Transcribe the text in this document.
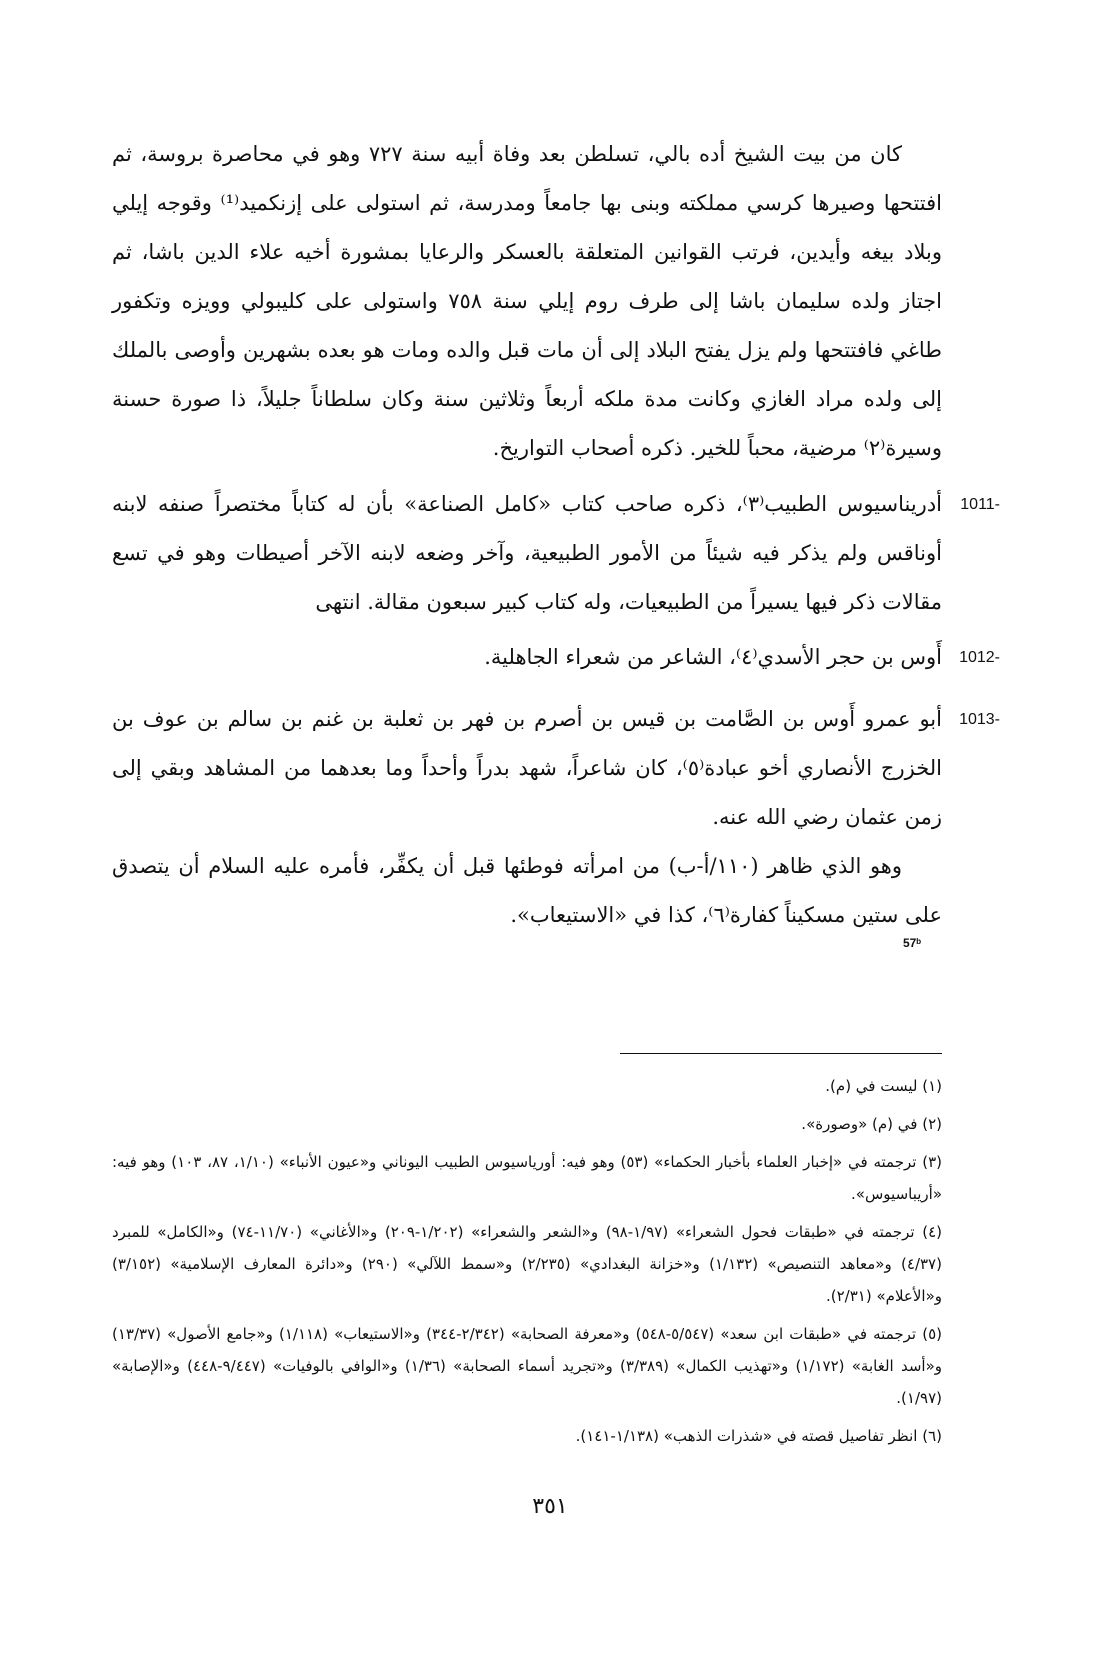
كان من بيت الشيخ أده بالي، تسلطن بعد وفاة أبيه سنة ٧٢٧ وهو في محاصرة بروسة، ثم افتتحها وصيرها كرسي مملكته وبنى بها جامعاً ومدرسة، ثم استولى على إزنكميد⁽¹⁾ وقوجه إيلي وبلاد بيغه وأيدين، فرتب القوانين المتعلقة بالعسكر والرعايا بمشورة أخيه علاء الدين باشا، ثم اجتاز ولده سليمان باشا إلى طرف روم إيلي سنة ٧٥٨ واستولى على كليبولي وويزه وتكفور طاغي فافتتحها ولم يزل يفتح البلاد إلى أن مات قبل والده ومات هو بعده بشهرين وأوصى بالملك إلى ولده مراد الغازي وكانت مدة ملكه أربعاً وثلاثين سنة وكان سلطاناً جليلاً، ذا صورة حسنة وسيرة⁽٢⁾ مرضية، محباً للخير. ذكره أصحاب التواريخ.
1011-
أدريناسيوس الطبيب⁽٣⁾، ذكره صاحب كتاب «كامل الصناعة» بأن له كتاباً مختصراً صنفه لابنه أوناقس ولم يذكر فيه شيئاً من الأمور الطبيعية، وآخر وضعه لابنه الآخر أصيطات وهو في تسع مقالات ذكر فيها يسيراً من الطبيعيات، وله كتاب كبير سبعون مقالة. انتهى
1012-
أَوس بن حجر الأسدي⁽٤⁾، الشاعر من شعراء الجاهلية.
1013-
أبو عمرو أَوس بن الصَّامت بن قيس بن أصرم بن فهر بن ثعلبة بن غنم بن سالم بن عوف بن الخزرج الأنصاري أخو عبادة⁽٥⁾، كان شاعراً، شهد بدراً وأحداً وما بعدهما من المشاهد وبقي إلى زمن عثمان رضي الله عنه.
وهو الذي ظاهر (١١٠/أ-ب) من امرأته فوطئها قبل أن يكفِّر، فأمره عليه السلام أن يتصدق على ستين مسكيناً كفارة⁽٦⁾، كذا في «الاستيعاب».
57ᵇ

(١) ليست في (م).

(٢) في (م) «وصورة».

(٣) ترجمته في «إخبار العلماء بأخبار الحكماء» (٥٣) وهو فيه: أورياسيوس الطبيب اليوناني و«عيون الأنباء» (١/١٠، ٨٧، ١٠٣) وهو فيه: «أريباسيوس».

(٤) ترجمته في «طبقات فحول الشعراء» (١/٩٧-٩٨) و«الشعر والشعراء» (١/٢٠٢-٢٠٩) و«الأغاني» (١١/٧٠-٧٤) و«الكامل» للمبرد (٤/٣٧) و«معاهد التنصيص» (١/١٣٢) و«خزانة البغدادي» (٢/٢٣٥) و«سمط اللآلي» (٢٩٠) و«دائرة المعارف الإسلامية» (٣/١٥٢) و«الأعلام» (٢/٣١).

(٥) ترجمته في «طبقات ابن سعد» (٥/٥٤٧-٥٤٨) و«معرفة الصحابة» (٢/٣٤٢-٣٤٤) و«الاستيعاب» (١/١١٨) و«جامع الأصول» (١٣/٣٧) و«أسد الغابة» (١/١٧٢) و«تهذيب الكمال» (٣/٣٨٩) و«تجريد أسماء الصحابة» (١/٣٦) و«الوافي بالوفيات» (٩/٤٤٧-٤٤٨) و«الإصابة» (١/٩٧).

(٦) انظر تفاصيل قصته في «شذرات الذهب» (١/١٣٨-١٤١).

٣٥١
